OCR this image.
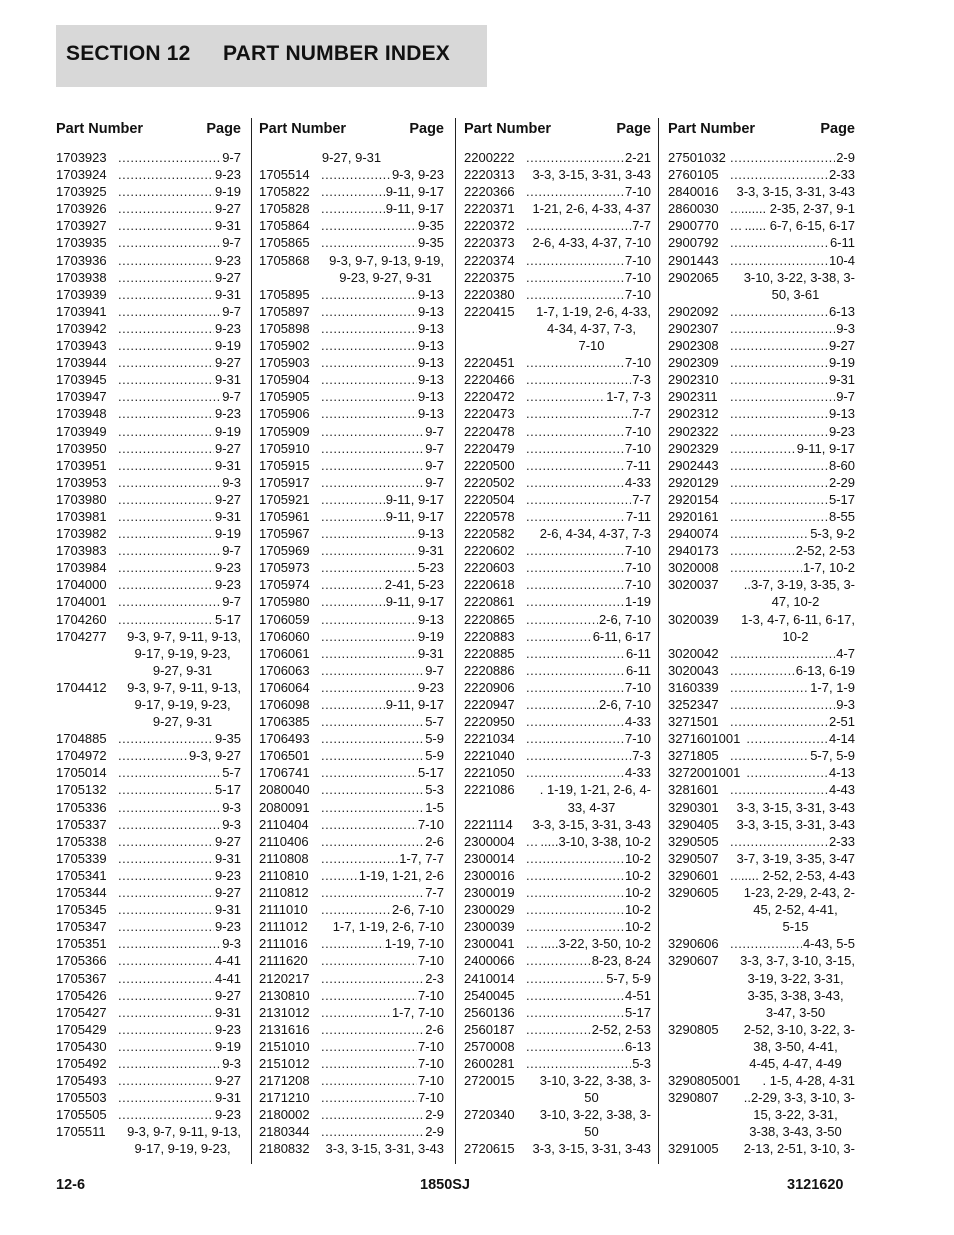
SECTION 12 PART NUMBER INDEX
Part Number	Page
1703923 .....	9-7
1703924 .....	9-23
1703925 .....	9-19
1703926 .....	9-27
1703927 .....	9-31
1703935 .....	9-7
1703936 .....	9-23
1703938 .....	9-27
1703939 .....	9-31
1703941 .....	9-7
1703942 .....	9-23
1703943 .....	9-19
1703944 .....	9-27
1703945 .....	9-31
1703947 .....	9-7
1703948 .....	9-23
1703949 .....	9-19
1703950 .....	9-27
1703951 .....	9-31
1703953 .....	9-3
1703980 .....	9-27
1703981 .....	9-31
1703982 .....	9-19
1703983 .....	9-7
1703984 .....	9-23
1704000 .....	9-23
1704001 .....	9-7
1704260 .....	5-17
1704277	9-3, 9-7, 9-11, 9-13,
9-17, 9-19, 9-23,
9-27, 9-31
1704412	9-3, 9-7, 9-11, 9-13,
9-17, 9-19, 9-23,
9-27, 9-31
1704885 .....	9-35
1704972 .....	9-3, 9-27
1705014 .....	5-7
1705132 .....	5-17
1705336 .....	9-3
1705337 .....	9-3
1705338 .....	9-27
1705339 .....	9-31
1705341 .....	9-23
1705344 .....	9-27
1705345 .....	9-31
1705347 .....	9-23
1705351 .....	9-3
1705366 .....	4-41
1705367 .....	4-41
1705426 .....	9-27
1705427 .....	9-31
1705429 .....	9-23
1705430 .....	9-19
1705492 .....	9-3
1705493 .....	9-27
1705503 .....	9-31
1705505 .....	9-23
1705511	9-3, 9-7, 9-11, 9-13,
9-17, 9-19, 9-23,
Part Number	Page
9-27, 9-31
1705514 .....	9-3, 9-23
1705822 .....	9-11, 9-17
1705828 .....	9-11, 9-17
1705864 .....	9-35
1705865 .....	9-35
1705868	9-3, 9-7, 9-13, 9-19,
9-23, 9-27, 9-31
1705895 .....	9-13
1705897 .....	9-13
1705898 .....	9-13
1705902 .....	9-13
1705903 .....	9-13
1705904 .....	9-13
1705905 .....	9-13
1705906 .....	9-13
1705909 .....	9-7
1705910 .....	9-7
1705915 .....	9-7
1705917 .....	9-7
1705921 .....	9-11, 9-17
1705961 .....	9-11, 9-17
1705967 .....	9-13
1705969 .....	9-31
1705973 .....	5-23
1705974 .....	2-41, 5-23
1705980 .....	9-11, 9-17
1706059 .....	9-13
1706060 .....	9-19
1706061 .....	9-31
1706063 .....	9-7
1706064 .....	9-23
1706098 .....	9-11, 9-17
1706385 .....	5-7
1706493 .....	5-9
1706501 .....	5-9
1706741 .....	5-17
2080040 .....	5-3
2080091 .....	1-5
2110404 .....	7-10
2110406 .....	2-6
2110808 .....	1-7, 7-7
2110810 .....	1-19, 1-21, 2-6
2110812 .....	7-7
2111010 .....	2-6, 7-10
2111012	1-7, 1-19, 2-6, 7-10
2111016 .....	1-19, 7-10
2111620 .....	7-10
2120217 .....	2-3
2130810 .....	7-10
2131012 .....	1-7, 7-10
2131616 .....	2-6
2151010 .....	7-10
2151012 .....	7-10
2171208 .....	7-10
2171210 .....	7-10
2180002 .....	2-9
2180344 .....	2-9
2180832	3-3, 3-15, 3-31, 3-43
Part Number	Page
2200222 .....	2-21
2220313	3-3, 3-15, 3-31, 3-43
2220366 .....	7-10
2220371	1-21, 2-6, 4-33, 4-37
2220372 .....	7-7
2220373	2-6, 4-33, 4-37, 7-10
2220374 .....	7-10
2220375 .....	7-10
2220380 .....	7-10
2220415	1-7, 1-19, 2-6, 4-33,
4-34, 4-37, 7-3,
7-10
2220451 .....	7-10
2220466 .....	7-3
2220472 .....	1-7, 7-3
2220473 .....	7-7
2220478 .....	7-10
2220479 .....	7-10
2220500 .....	7-11
2220502 .....	4-33
2220504 .....	7-7
2220578 .....	7-11
2220582	2-6, 4-34, 4-37, 7-3
2220602 .....	7-10
2220603 .....	7-10
2220618 .....	7-10
2220861 .....	1-19
2220865 .....	2-6, 7-10
2220883 .....	6-11, 6-17
2220885 .....	6-11
2220886 .....	6-11
2220906 .....	7-10
2220947 .....	2-6, 7-10
2220950 .....	4-33
2221034 .....	7-10
2221040 .....	7-3
2221050 .....	4-33
2221086	. 1-19, 1-21, 2-6, 4-
33, 4-37
2221114	3-3, 3-15, 3-31, 3-43
2300004 .....	.....3-10, 3-38, 10-2
2300014 .....	10-2
2300016 .....	10-2
2300019 .....	10-2
2300029 .....	10-2
2300039 .....	10-2
2300041 .....	.....3-22, 3-50, 10-2
2400066 .....	8-23, 8-24
2410014 .....	5-7, 5-9
2540045 .....	4-51
2560136 .....	5-17
2560187 .....	2-52, 2-53
2570008 .....	6-13
2600281 .....	5-3
2720015	3-10, 3-22, 3-38, 3-
50
2720340	3-10, 3-22, 3-38, 3-
50
2720615	3-3, 3-15, 3-31, 3-43
Part Number	Page
27501032 .....	2-9
2760105 .....	2-33
2840016	3-3, 3-15, 3-31, 3-43
2860030 .....	....... 2-35, 2-37, 9-1
2900770 .....	...... 6-7, 6-15, 6-17
2900792 .....	6-11
2901443 .....	10-4
2902065	3-10, 3-22, 3-38, 3-
50, 3-61
2902092 .....	6-13
2902307 .....	9-3
2902308 .....	9-27
2902309 .....	9-19
2902310 .....	9-31
2902311 .....	9-7
2902312 .....	9-13
2902322 .....	9-23
2902329 .....	9-11, 9-17
2902443 .....	8-60
2920129 .....	2-29
2920154 .....	5-17
2920161 .....	8-55
2940074 .....	5-3, 9-2
2940173 .....	2-52, 2-53
3020008 .....	1-7, 10-2
3020037	..3-7, 3-19, 3-35, 3-
47, 10-2
3020039	1-3, 4-7, 6-11, 6-17,
10-2
3020042 .....	4-7
3020043 .....	6-13, 6-19
3160339 .....	1-7, 1-9
3252347 .....	9-3
3271501 .....	2-51
3271601001 .....	4-14
3271805 .....	5-7, 5-9
3272001001 .....	4-13
3281601 .....	4-43
3290301	3-3, 3-15, 3-31, 3-43
3290405	3-3, 3-15, 3-31, 3-43
3290505 .....	2-33
3290507	3-7, 3-19, 3-35, 3-47
3290601 .....	..... 2-52, 2-53, 4-43
3290605	1-23, 2-29, 2-43, 2-
45, 2-52, 4-41,
5-15
3290606 .....	4-43, 5-5
3290607	3-3, 3-7, 3-10, 3-15,
3-19, 3-22, 3-31,
3-35, 3-38, 3-43,
3-47, 3-50
3290805	2-52, 3-10, 3-22, 3-
38, 3-50, 4-41,
4-45, 4-47, 4-49
3290805001 . 1-5, 4-28, 4-31
3290807	..2-29, 3-3, 3-10, 3-
15, 3-22, 3-31,
3-38, 3-43, 3-50
3291005	2-13, 2-51, 3-10, 3-
12-6	1850SJ	3121620
